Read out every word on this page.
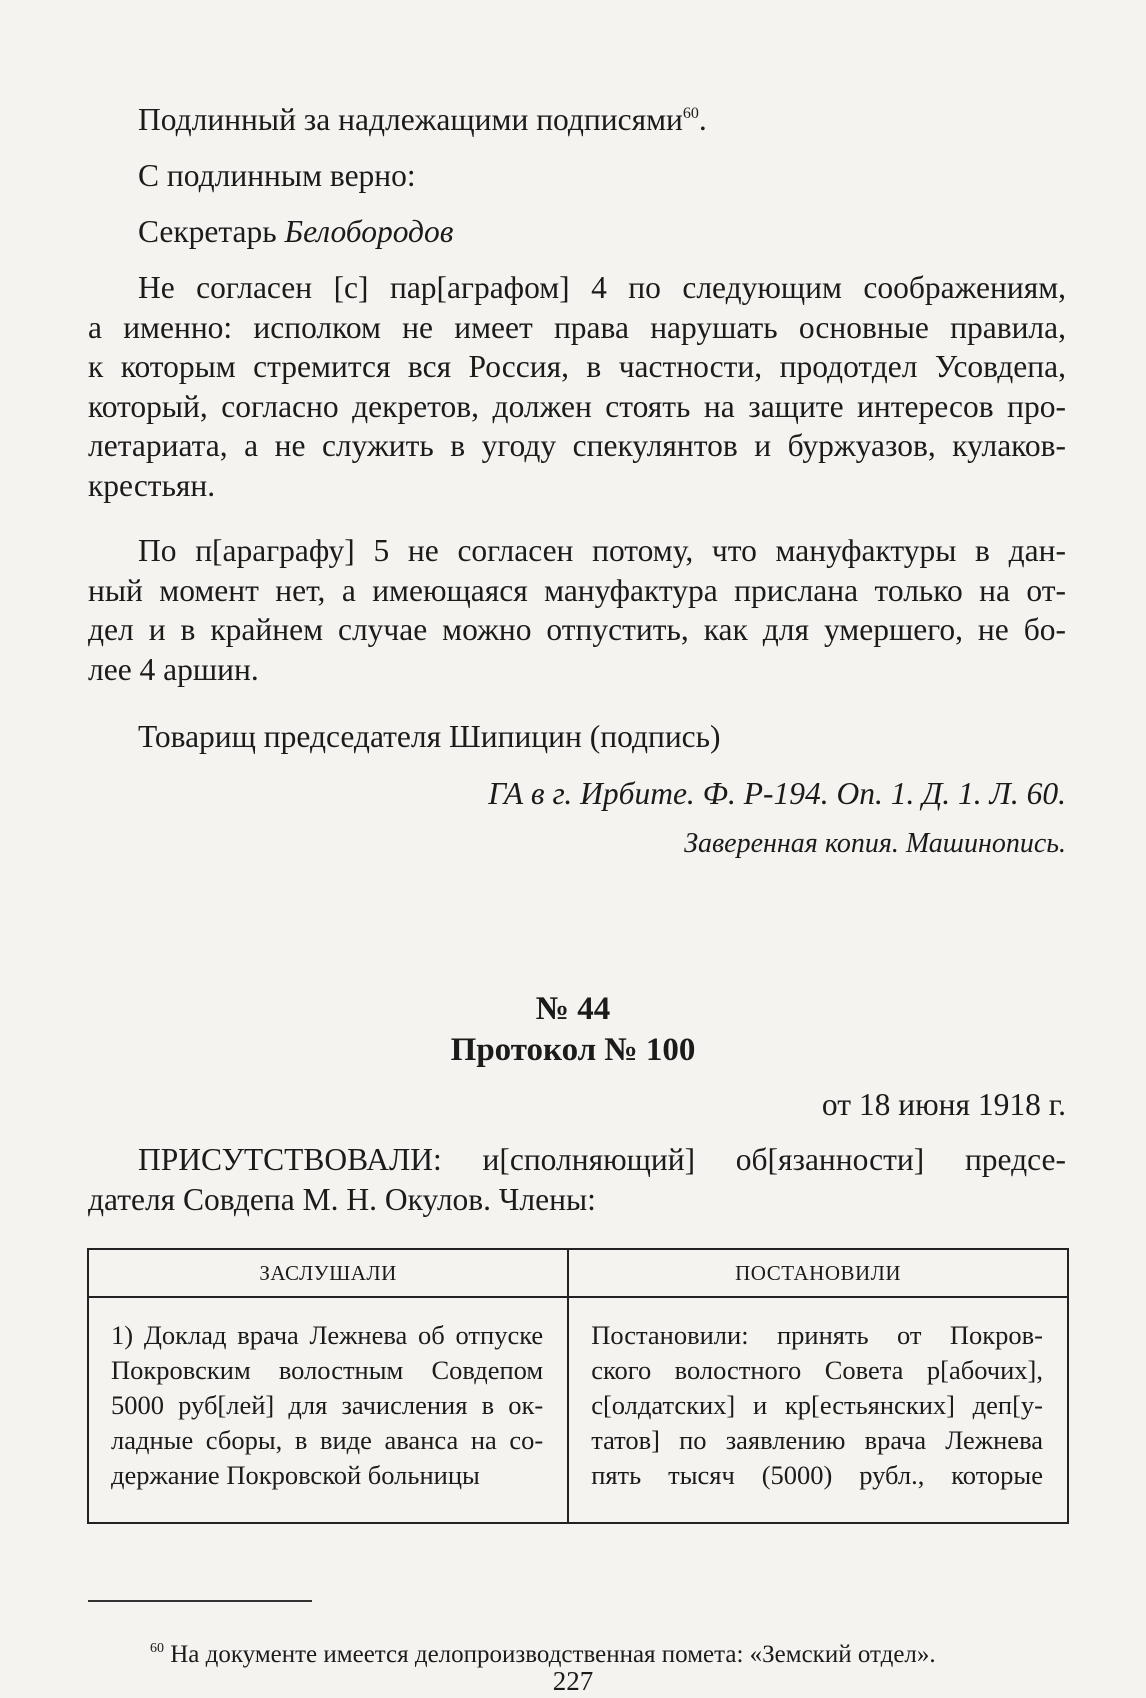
Подлинный за надлежащими подписями$^{60}$.

С подлинным верно:

Секретарь Белобородов

Не согласен [с] пар[аграфом] 4 по следующим соображениям,
а именно: исполком не имеет права нарушать основные правила,
к которым стремится вся Россия, в частности, продотдел Усовдепа,
который, согласно декретов, должен стоять на защите интересов про-
летариата, а не служить в угоду спекулянтов и буржуазов, кулаков-
крестьян.
По п[араграфу] 5 не согласен потому, что мануфактуры в дан-
ный момент нет, а имеющаяся мануфактура прислана только на от-
дел и в крайнем случае можно отпустить, как для умершего, не бо-
лее 4 аршин.

Товарищ председателя Шипицин (подпись)

ГА в г. Ирбите. Ф. Р-194. Оп. 1. Д. 1. Л. 60.

Заверенная копия. Машинопись.

№ 44
Протокол № 100

от 18 июня 1918 г.

ПРИСУТСТВОВАЛИ: и[сполняющий] об[язанности] предсе-
дателя Совдепа М. Н. Окулов. Члены:
ЗАСЛУШАЛИ	ПОСТАНОВИЛИ

1) Доклад врача Лежнева об отпуске
Покровским волостным Совдепом
5000 руб[лей] для зачисления в ок-
ладные сборы, в виде аванса на со-
держание Покровской больницы	Постановили: принять от Покров-
ского волостного Совета р[абочих],
с[олдатских] и кр[естьянских] деп[у-
татов] по заявлению врача Лежнева
пять тысяч (5000) рубл., которые

$^{60}$ На документе имеется делопроизводственная помета: «Земский отдел».

227
